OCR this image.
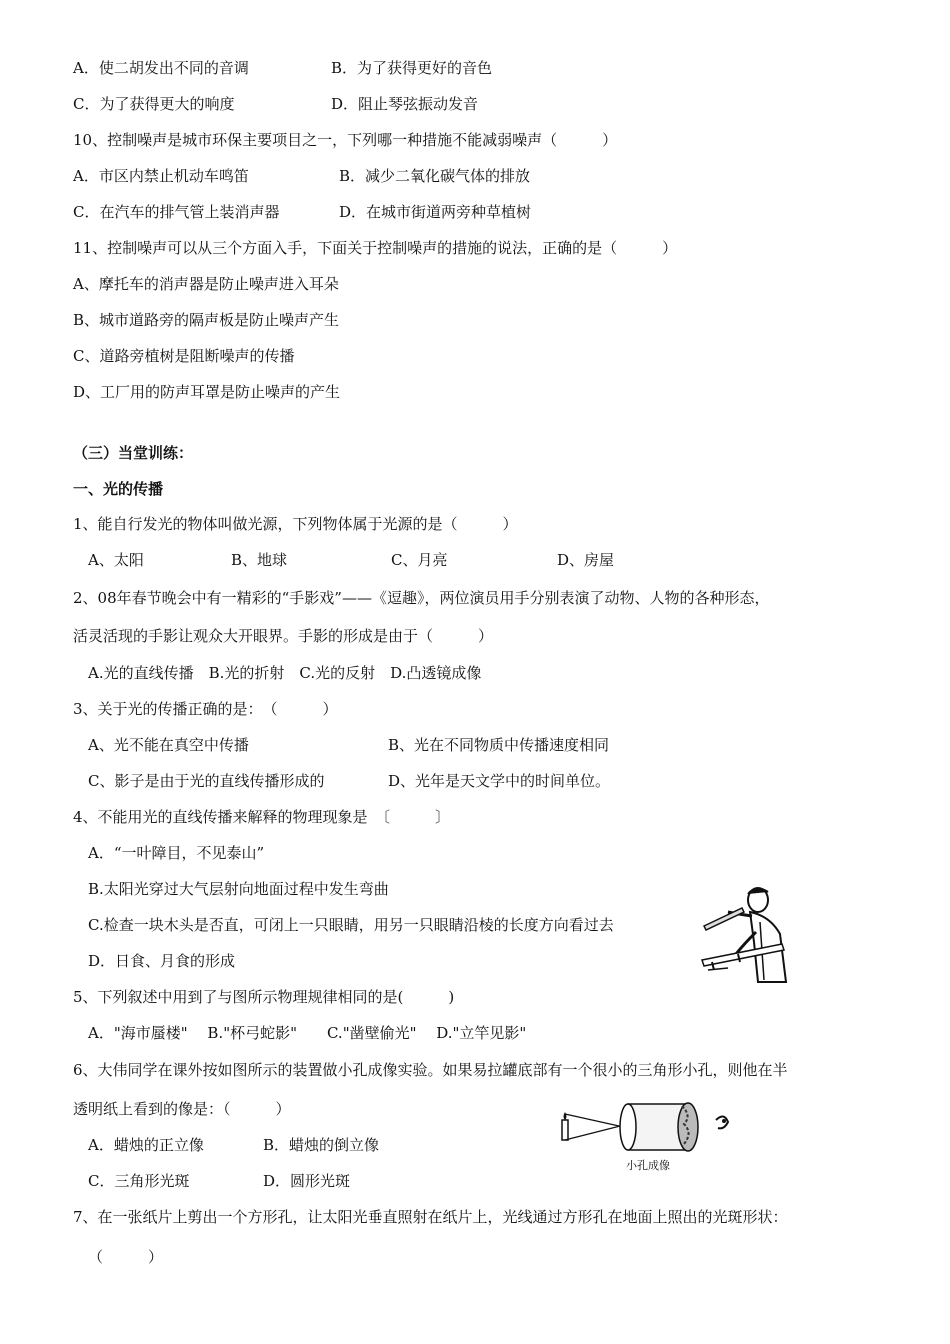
A．使二胡发出不同的音调	B．为了获得更好的音色
C．为了获得更大的响度	D．阻止琴弦振动发音
10、控制噪声是城市环保主要项目之一，下列哪一种措施不能减弱噪声（　　　）
A．市区内禁止机动车鸣笛	B．减少二氧化碳气体的排放
C．在汽车的排气管上装消声器	D．在城市街道两旁种草植树
11、控制噪声可以从三个方面入手，下面关于控制噪声的措施的说法，正确的是（　　　）
A、摩托车的消声器是防止噪声进入耳朵
B、城市道路旁的隔声板是防止噪声产生
C、道路旁植树是阻断噪声的传播
D、工厂用的防声耳罩是防止噪声的产生
（三）当堂训练：
一、光的传播
1、能自行发光的物体叫做光源，下列物体属于光源的是（　　　）
A、太阳	B、地球	C、月亮	D、房屋
2、08年春节晚会中有一精彩的“手影戏”——《逗趣》，两位演员用手分别表演了动物、人物的各种形态，
活灵活现的手影让观众大开眼界。手影的形成是由于（　　　）
A.光的直线传播　B.光的折射　C.光的反射　D.凸透镜成像
3、关于光的传播正确的是：　（　　　）
A、光不能在真空中传播	B、光在不同物质中传播速度相同
C、影子是由于光的直线传播形成的	D、光年是天文学中的时间单位。
4、不能用光的直线传播来解释的物理现象是　〔　　　〕
A．“一叶障目，不见泰山”
B.太阳光穿过大气层射向地面过程中发生弯曲
C.检查一块木头是否直，可闭上一只眼睛，用另一只眼睛沿棱的长度方向看过去
D．日食、月食的形成
5、下列叙述中用到了与图所示物理规律相同的是(　　　)
A．"海市蜃楼"　 B."杯弓蛇影"　　C."凿壁偷光"　 D."立竿见影"
6、大伟同学在课外按如图所示的装置做小孔成像实验。如果易拉罐底部有一个很小的三角形小孔，则他在半
透明纸上看到的像是：（　　　）
A．蜡烛的正立像	B．蜡烛的倒立像
C．三角形光斑	D．圆形光斑
小孔成像
7、在一张纸片上剪出一个方形孔，让太阳光垂直照射在纸片上，光线通过方形孔在地面上照出的光斑形状：
（　　　）
